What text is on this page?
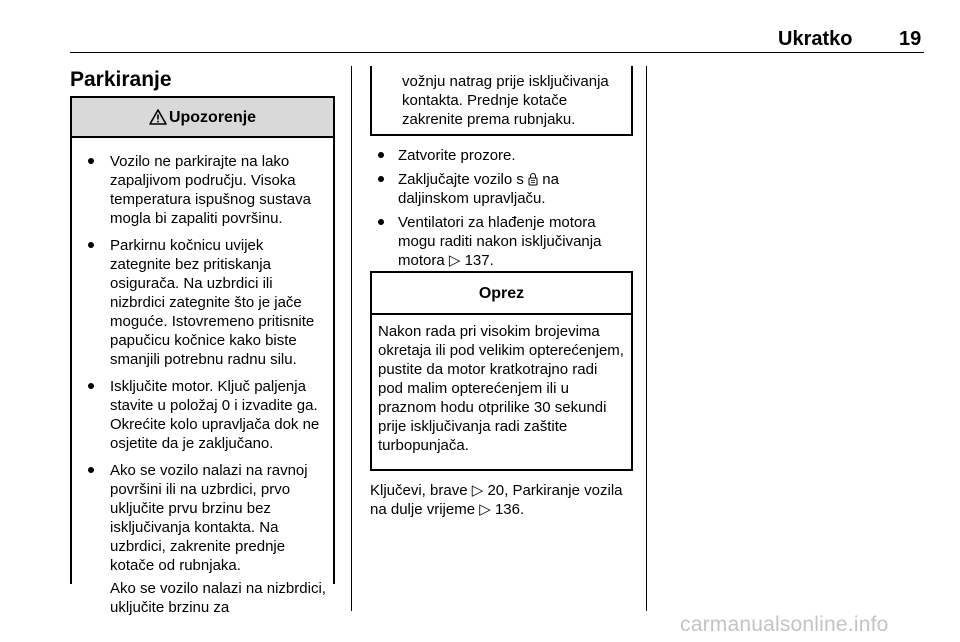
Ukratko 19
Parkiranje
Upozorenje
Vozilo ne parkirajte na lako zapaljivom području. Visoka temperatura ispušnog sustava mogla bi zapaliti površinu.
Parkirnu kočnicu uvijek zategnite bez pritiskanja osigurača. Na uzbrdici ili nizbrdici zategnite što je jače moguće. Istovremeno pritisnite papučicu kočnice kako biste smanjili potrebnu radnu silu.
Isključite motor. Ključ paljenja stavite u položaj 0 i izvadite ga. Okrećite kolo upravljača dok ne osjetite da je zaključano.
Ako se vozilo nalazi na ravnoj površini ili na uzbrdici, prvo uključite prvu brzinu bez isključivanja kontakta. Na uzbrdici, zakrenite prednje kotače od rubnjaka.
Ako se vozilo nalazi na nizbrdici, uključite brzinu za
vožnju natrag prije isključivanja kontakta. Prednje kotače zakrenite prema rubnjaku.
Zatvorite prozore.
Zaključajte vozilo s na daljinskom upravljaču.
Ventilatori za hlađenje motora mogu raditi nakon isključivanja motora ▷ 137.
Oprez
Nakon rada pri visokim brojevima okretaja ili pod velikim opterećenjem, pustite da motor kratkotrajno radi pod malim opterećenjem ili u praznom hodu otprilike 30 sekundi prije isključivanja radi zaštite turbopunjača.
Ključevi, brave ▷ 20, Parkiranje vozila na dulje vrijeme ▷ 136.
carmanualsonline.info
